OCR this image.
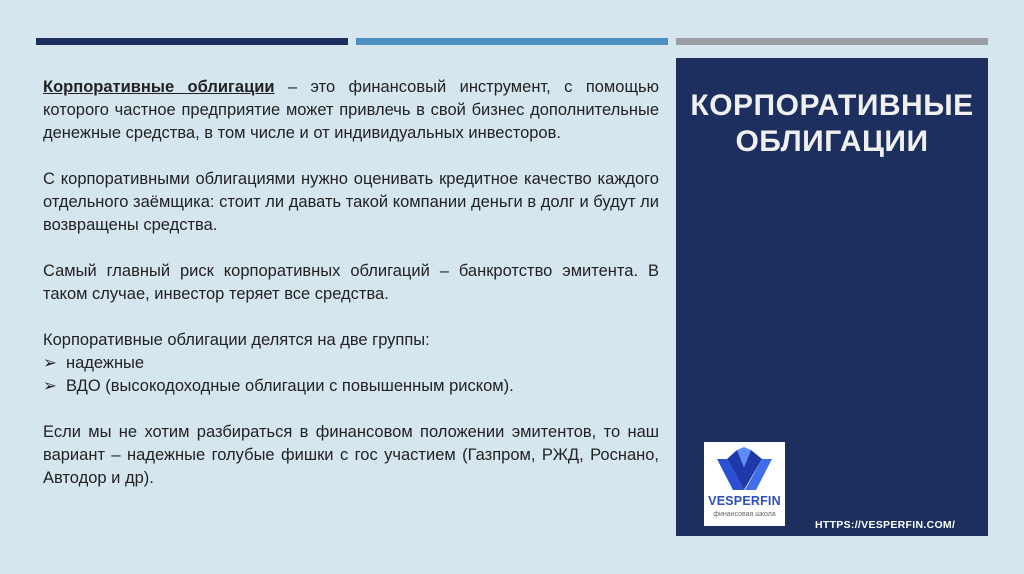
Корпоративные облигации – это финансовый инструмент, с помощью которого частное предприятие может привлечь в свой бизнес дополнительные денежные средства, в том числе и от индивидуальных инвесторов.

С корпоративными облигациями нужно оценивать кредитное качество каждого отдельного заёмщика: стоит ли давать такой компании деньги в долг и будут ли возвращены средства.

Самый главный риск корпоративных облигаций – банкротство эмитента. В таком случае, инвестор теряет все средства.

Корпоративные облигации делятся на две группы:

➢ надежные
➢ ВДО (высокодоходные облигации с повышенным риском).

Если мы не хотим разбираться в финансовом положении эмитентов, то наш вариант – надежные голубые фишки с гос участием (Газпром, РЖД, Роснано, Автодор и др).

КОРПОРАТИВНЫЕ
ОБЛИГАЦИИ
VESPERFIN
финансовая школа
HTTPS://VESPERFIN.COM/
